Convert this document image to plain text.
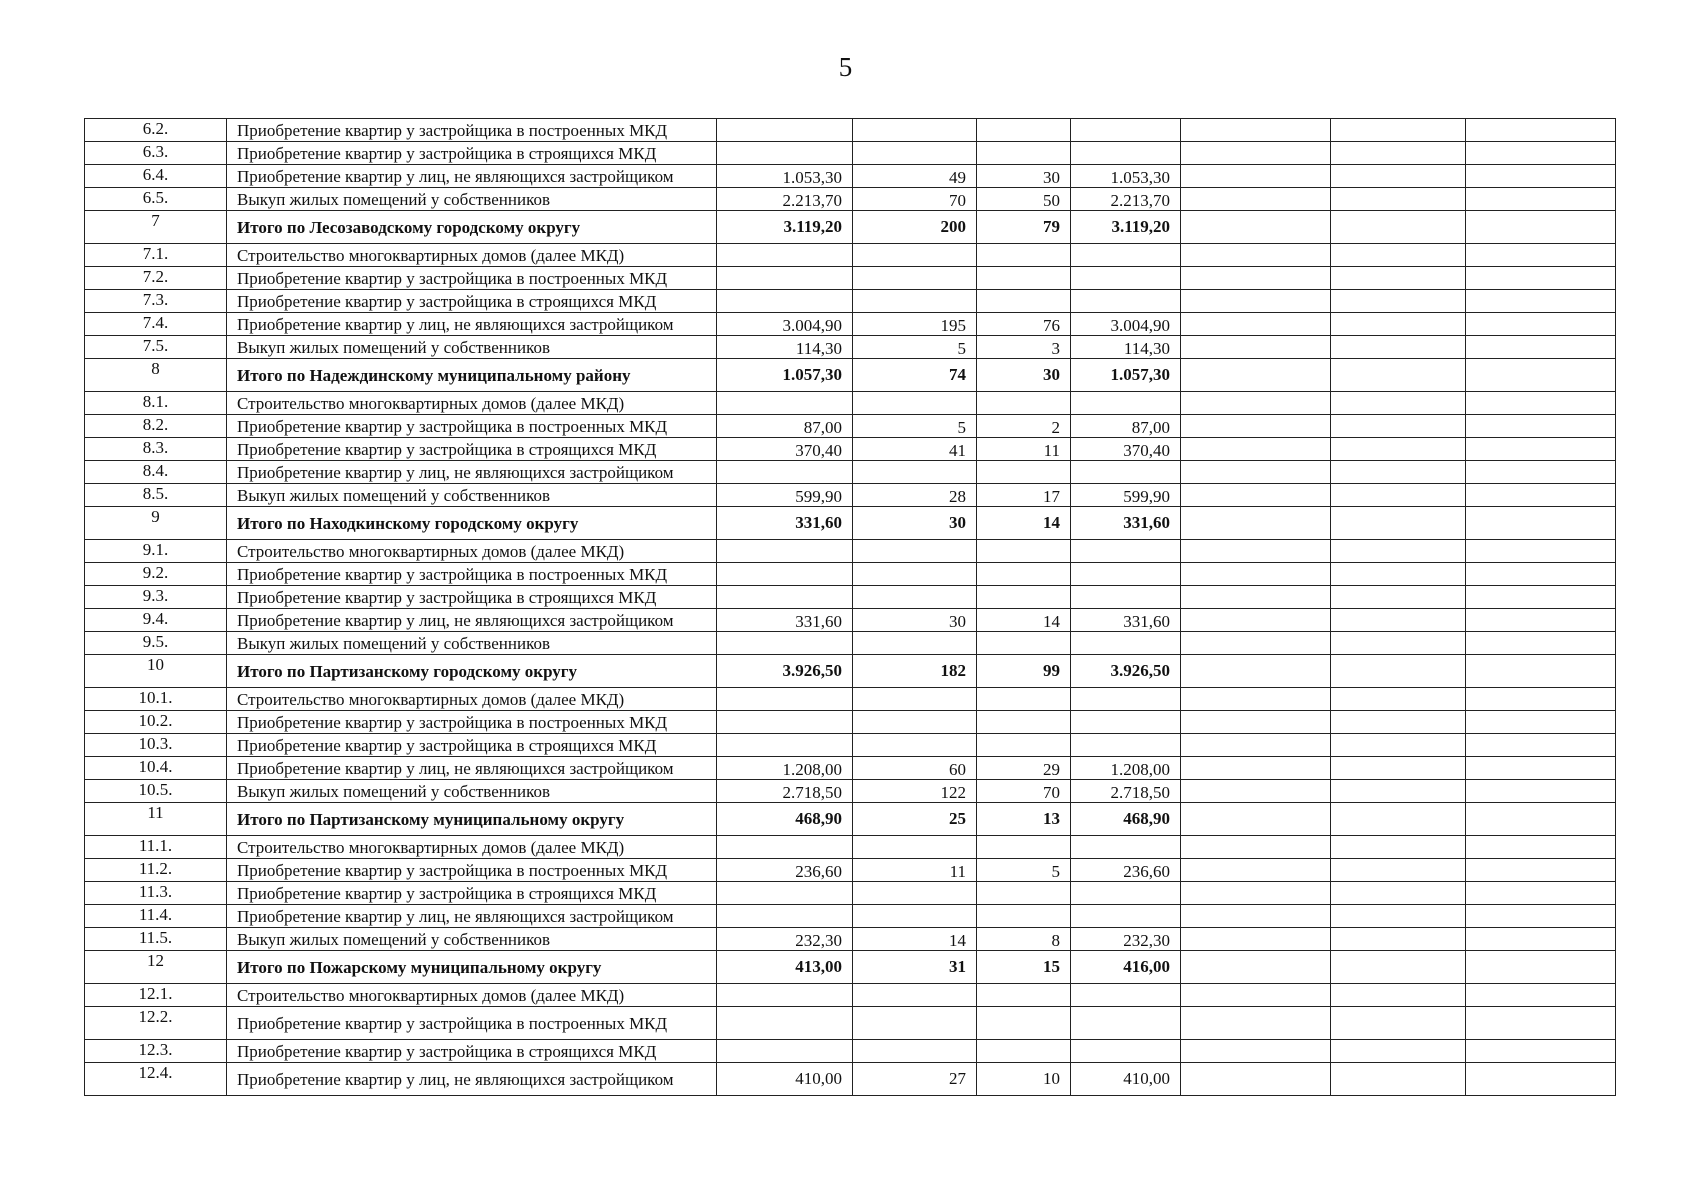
5
6.2.	Приобретение квартир у застройщика в построенных МКД							
6.3.	Приобретение квартир у застройщика в строящихся МКД							
6.4.	Приобретение квартир у лиц, не являющихся застройщиком	1.053,30	49	30	1.053,30			
6.5.	Выкуп жилых помещений у собственников	2.213,70	70	50	2.213,70			
7	Итого по Лесозаводскому городскому округу	3.119,20	200	79	3.119,20			
7.1.	Строительство многоквартирных домов (далее МКД)							
7.2.	Приобретение квартир у застройщика в построенных МКД							
7.3.	Приобретение квартир у застройщика в строящихся МКД							
7.4.	Приобретение квартир у лиц, не являющихся застройщиком	3.004,90	195	76	3.004,90			
7.5.	Выкуп жилых помещений у собственников	114,30	5	3	114,30			
8	Итого по Надеждинскому муниципальному району	1.057,30	74	30	1.057,30			
8.1.	Строительство многоквартирных домов (далее МКД)							
8.2.	Приобретение квартир у застройщика в построенных МКД	87,00	5	2	87,00			
8.3.	Приобретение квартир у застройщика в строящихся МКД	370,40	41	11	370,40			
8.4.	Приобретение квартир у лиц, не являющихся застройщиком							
8.5.	Выкуп жилых помещений у собственников	599,90	28	17	599,90			
9	Итого по Находкинскому городскому округу	331,60	30	14	331,60			
9.1.	Строительство многоквартирных домов (далее МКД)							
9.2.	Приобретение квартир у застройщика в построенных МКД							
9.3.	Приобретение квартир у застройщика в строящихся МКД							
9.4.	Приобретение квартир у лиц, не являющихся застройщиком	331,60	30	14	331,60			
9.5.	Выкуп жилых помещений у собственников							
10	Итого по Партизанскому городскому округу	3.926,50	182	99	3.926,50			
10.1.	Строительство многоквартирных домов (далее МКД)							
10.2.	Приобретение квартир у застройщика в построенных МКД							
10.3.	Приобретение квартир у застройщика в строящихся МКД							
10.4.	Приобретение квартир у лиц, не являющихся застройщиком	1.208,00	60	29	1.208,00			
10.5.	Выкуп жилых помещений у собственников	2.718,50	122	70	2.718,50			
11	Итого по Партизанскому муниципальному округу	468,90	25	13	468,90			
11.1.	Строительство многоквартирных домов (далее МКД)							
11.2.	Приобретение квартир у застройщика в построенных МКД	236,60	11	5	236,60			
11.3.	Приобретение квартир у застройщика в строящихся МКД							
11.4.	Приобретение квартир у лиц, не являющихся застройщиком							
11.5.	Выкуп жилых помещений у собственников	232,30	14	8	232,30			
12	Итого по Пожарскому муниципальному округу	413,00	31	15	416,00			
12.1.	Строительство многоквартирных домов (далее МКД)							
12.2.	Приобретение квартир у застройщика в построенных МКД							
12.3.	Приобретение квартир у застройщика в строящихся МКД							
12.4.	Приобретение квартир у лиц, не являющихся застройщиком	410,00	27	10	410,00			
